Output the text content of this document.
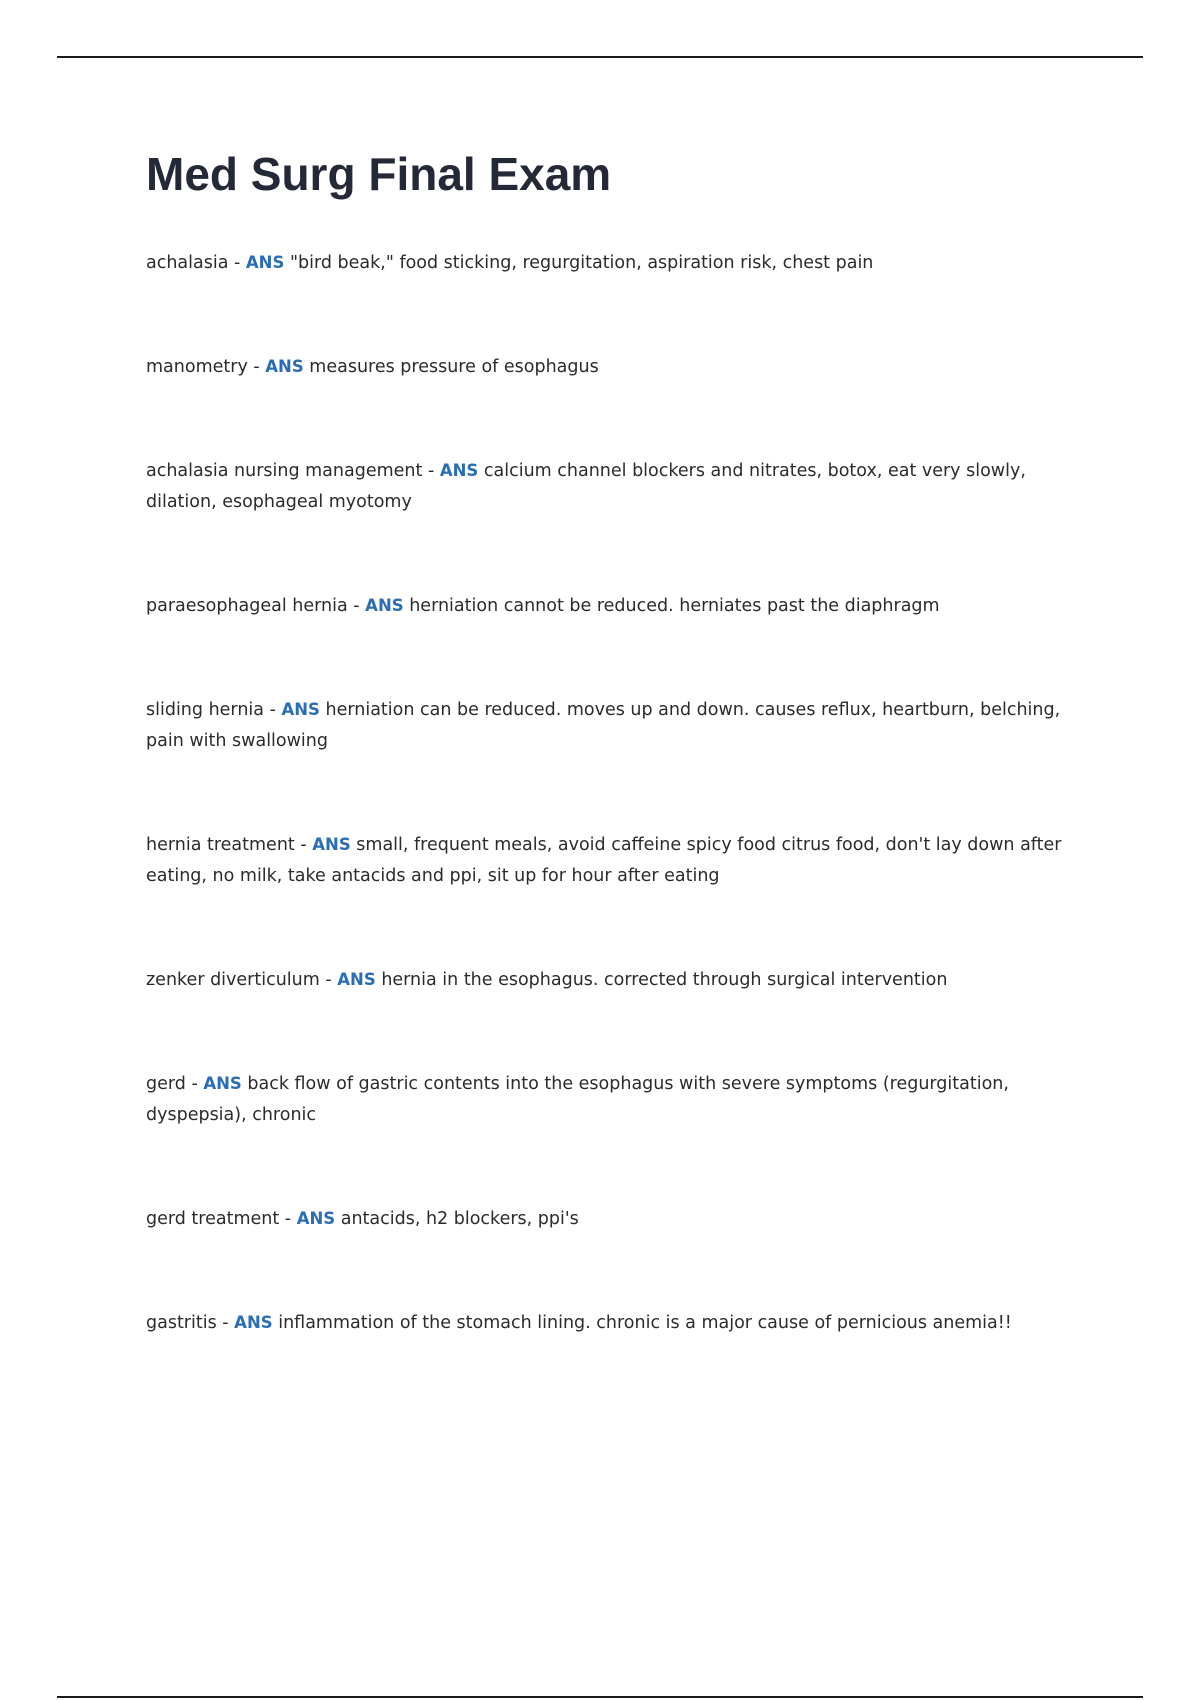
Med Surg Final Exam

achalasia - ANS "bird beak," food sticking, regurgitation, aspiration risk, chest pain

manometry - ANS measures pressure of esophagus

achalasia nursing management - ANS calcium channel blockers and nitrates, botox, eat very slowly, dilation, esophageal myotomy

paraesophageal hernia - ANS herniation cannot be reduced. herniates past the diaphragm

sliding hernia - ANS herniation can be reduced. moves up and down. causes reflux, heartburn, belching, pain with swallowing

hernia treatment - ANS small, frequent meals, avoid caffeine spicy food citrus food, don't lay down after eating, no milk, take antacids and ppi, sit up for hour after eating

zenker diverticulum - ANS hernia in the esophagus. corrected through surgical intervention

gerd - ANS back flow of gastric contents into the esophagus with severe symptoms (regurgitation, dyspepsia), chronic

gerd treatment - ANS antacids, h2 blockers, ppi's

gastritis - ANS inflammation of the stomach lining. chronic is a major cause of pernicious anemia!!
